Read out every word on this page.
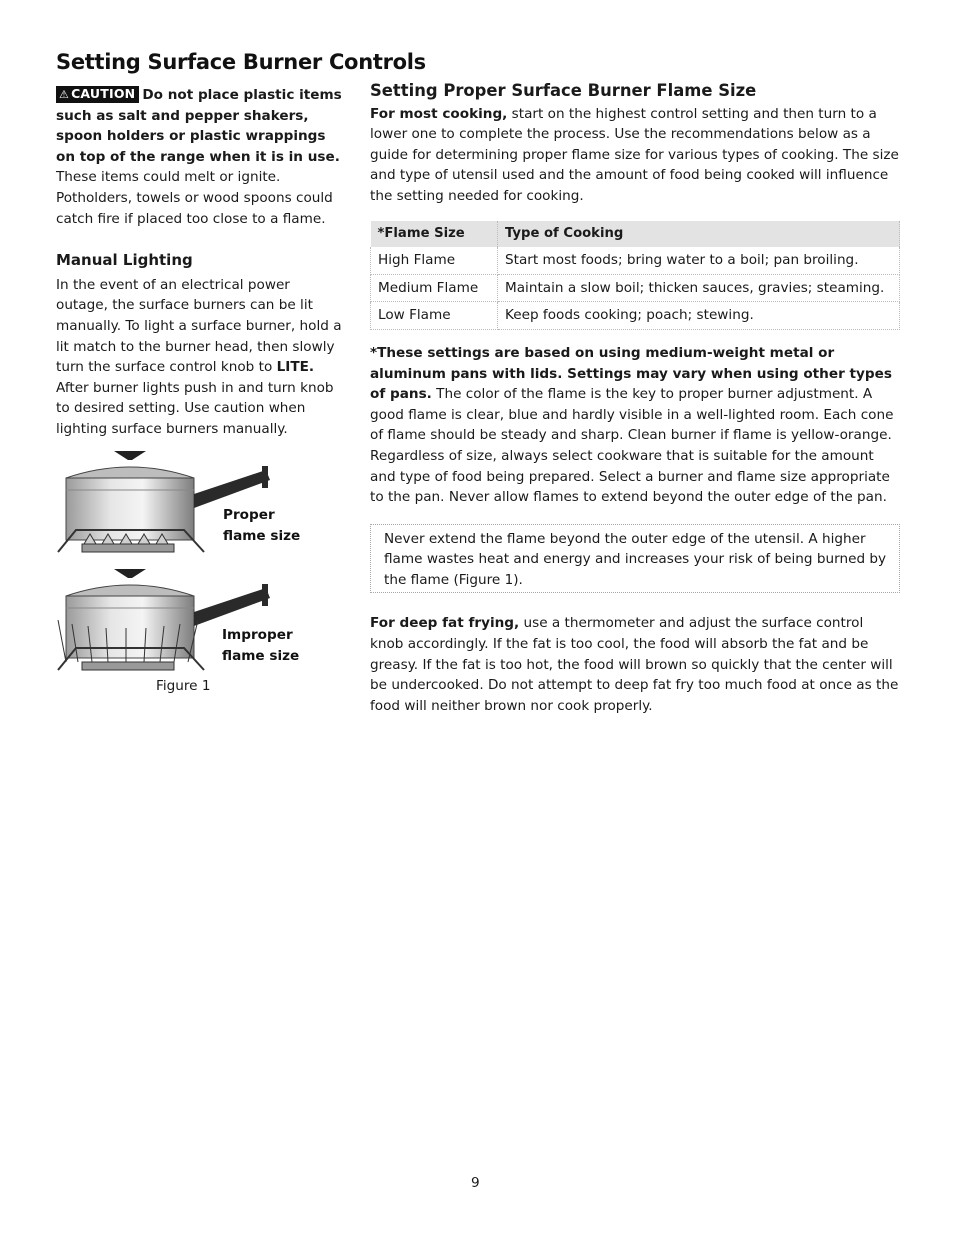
Setting Surface Burner Controls

⚠ CAUTION Do not place plastic items such as salt and pepper shakers, spoon holders or plastic wrappings on top of the range when it is in use. These items could melt or ignite. Potholders, towels or wood spoons could catch fire if placed too close to a flame.

Manual Lighting

In the event of an electrical power outage, the surface burners can be lit manually. To light a surface burner, hold a lit match to the burner head, then slowly turn the surface control knob to LITE. After burner lights push in and turn knob to desired setting. Use caution when lighting surface burners manually.

Proper
flame size
Improper
flame size
Figure 1
Setting Proper Surface Burner Flame Size

For most cooking, start on the highest control setting and then turn to a lower one to complete the process. Use the recommendations below as a guide for determining proper flame size for various types of cooking. The size and type of utensil used and the amount of food being cooked will influence the setting needed for cooking.

*Flame Size	Type of Cooking
High Flame	Start most foods; bring water to a boil; pan broiling.
Medium Flame	Maintain a slow boil; thicken sauces, gravies; steaming.
Low Flame	Keep foods cooking; poach; stewing.

*These settings are based on using medium-weight metal or aluminum pans with lids. Settings may vary when using other types of pans. The color of the flame is the key to proper burner adjustment. A good flame is clear, blue and hardly visible in a well-lighted room. Each cone of flame should be steady and sharp. Clean burner if flame is yellow-orange.

Regardless of size, always select cookware that is suitable for the amount and type of food being prepared. Select a burner and flame size appropriate to the pan. Never allow flames to extend beyond the outer edge of the pan.

Never extend the flame beyond the outer edge of the utensil. A higher flame wastes heat and energy and increases your risk of being burned by the flame (Figure 1).

For deep fat frying, use a thermometer and adjust the surface control knob accordingly. If the fat is too cool, the food will absorb the fat and be greasy. If the fat is too hot, the food will brown so quickly that the center will be undercooked. Do not attempt to deep fat fry too much food at once as the food will neither brown nor cook properly.

9
